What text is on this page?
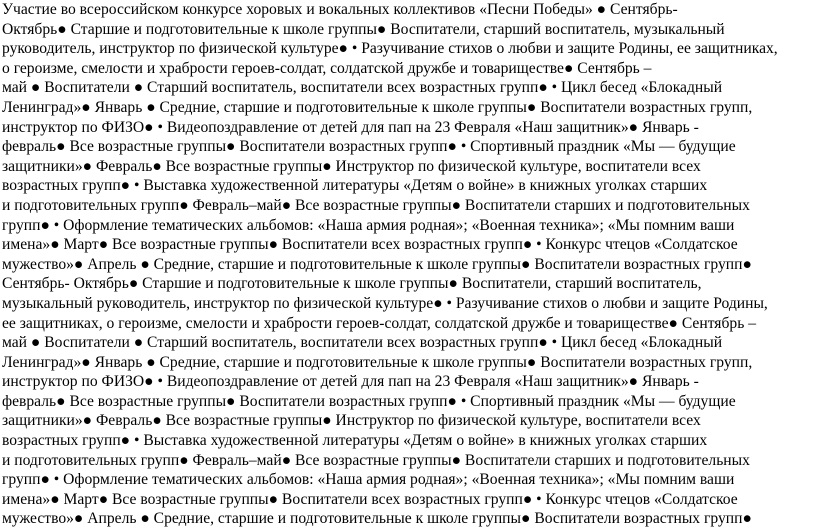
Участие во всероссийском конкурсе хоровых и вокальных коллективов «Песни Победы» ● Сентябрь-
Октябрь● Старшие и подготовительные к школе группы● Воспитатели, старший воспитатель, музыкальный
руководитель, инструктор по физической культуре● • Разучивание стихов о любви и защите Родины, ее защитниках,
о героизме, смелости и храбрости героев-солдат, солдатской дружбе и товариществе● Сентябрь –
май ● Воспитатели ● Старший воспитатель, воспитатели всех возрастных групп● • Цикл бесед «Блокадный
Ленинград»● Январь ● Средние, старшие и подготовительные к школе группы● Воспитатели возрастных групп,
инструктор по ФИЗО● • Видеопоздравление от детей для пап на 23 Февраля «Наш защитник»● Январь -
февраль● Все возрастные группы● Воспитатели возрастных групп● • Спортивный праздник «Мы — будущие
защитники»● Февраль● Все возрастные группы● Инструктор по физической культуре, воспитатели всех
возрастных групп● • Выставка художественной литературы «Детям о войне» в книжных уголках старших
и подготовительных групп● Февраль–май● Все возрастные группы● Воспитатели старших и подготовительных
групп● • Оформление тематических альбомов: «Наша армия родная»; «Военная техника»; «Мы помним ваши
имена»● Март● Все возрастные группы● Воспитатели всех возрастных групп● • Конкурс чтецов «Солдатское
мужество»● Апрель ● Средние, старшие и подготовительные к школе группы● Воспитатели возрастных групп●
Сентябрь- Октябрь● Старшие и подготовительные к школе группы● Воспитатели, старший воспитатель,
музыкальный руководитель, инструктор по физической культуре● • Разучивание стихов о любви и защите Родины,
ее защитниках, о героизме, смелости и храбрости героев-солдат, солдатской дружбе и товариществе● Сентябрь –
май ● Воспитатели ● Старший воспитатель, воспитатели всех возрастных групп● • Цикл бесед «Блокадный
Ленинград»● Январь ● Средние, старшие и подготовительные к школе группы● Воспитатели возрастных групп,
инструктор по ФИЗО● • Видеопоздравление от детей для пап на 23 Февраля «Наш защитник»● Январь -
февраль● Все возрастные группы● Воспитатели возрастных групп● • Спортивный праздник «Мы — будущие
защитники»● Февраль● Все возрастные группы● Инструктор по физической культуре, воспитатели всех
возрастных групп● • Выставка художественной литературы «Детям о войне» в книжных уголках старших
и подготовительных групп● Февраль–май● Все возрастные группы● Воспитатели старших и подготовительных
групп● • Оформление тематических альбомов: «Наша армия родная»; «Военная техника»; «Мы помним ваши
имена»● Март● Все возрастные группы● Воспитатели всех возрастных групп● • Конкурс чтецов «Солдатское
мужество»● Апрель ● Средние, старшие и подготовительные к школе группы● Воспитатели возрастных групп●
